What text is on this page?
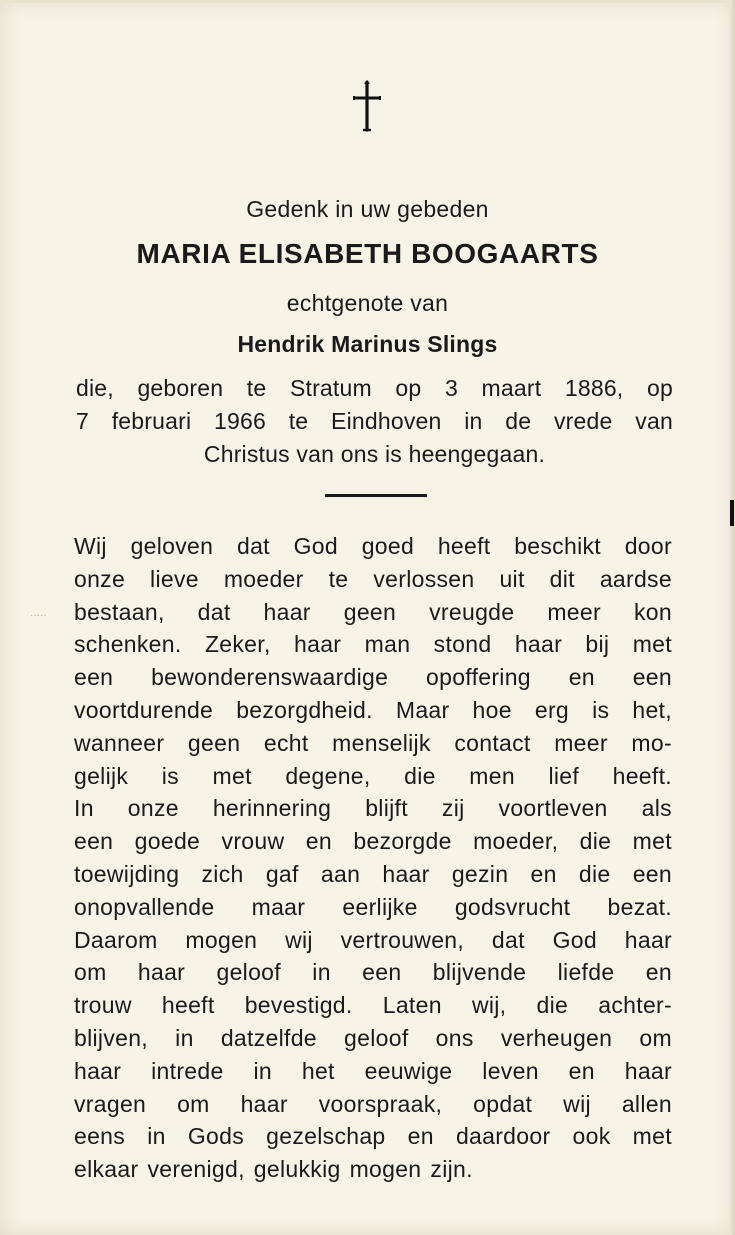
Gedenk in uw gebeden
MARIA ELISABETH BOOGAARTS
echtgenote van
Hendrik Marinus Slings
die, geboren te Stratum op 3 maart 1886, op
7 februari 1966 te Eindhoven in de vrede van
Christus van ons is heengegaan.
·····
Wij geloven dat God goed heeft beschikt door
onze lieve moeder te verlossen uit dit aardse
bestaan, dat haar geen vreugde meer kon
schenken. Zeker, haar man stond haar bij met
een bewonderenswaardige opoffering en een
voortdurende bezorgdheid. Maar hoe erg is het,
wanneer geen echt menselijk contact meer mo-
gelijk is met degene, die men lief heeft.
In onze herinnering blijft zij voortleven als
een goede vrouw en bezorgde moeder, die met
toewijding zich gaf aan haar gezin en die een
onopvallende maar eerlijke godsvrucht bezat.
Daarom mogen wij vertrouwen, dat God haar
om haar geloof in een blijvende liefde en
trouw heeft bevestigd. Laten wij, die achter-
blijven, in datzelfde geloof ons verheugen om
haar intrede in het eeuwige leven en haar
vragen om haar voorspraak, opdat wij allen
eens in Gods gezelschap en daardoor ook met
elkaar verenigd, gelukkig mogen zijn.
